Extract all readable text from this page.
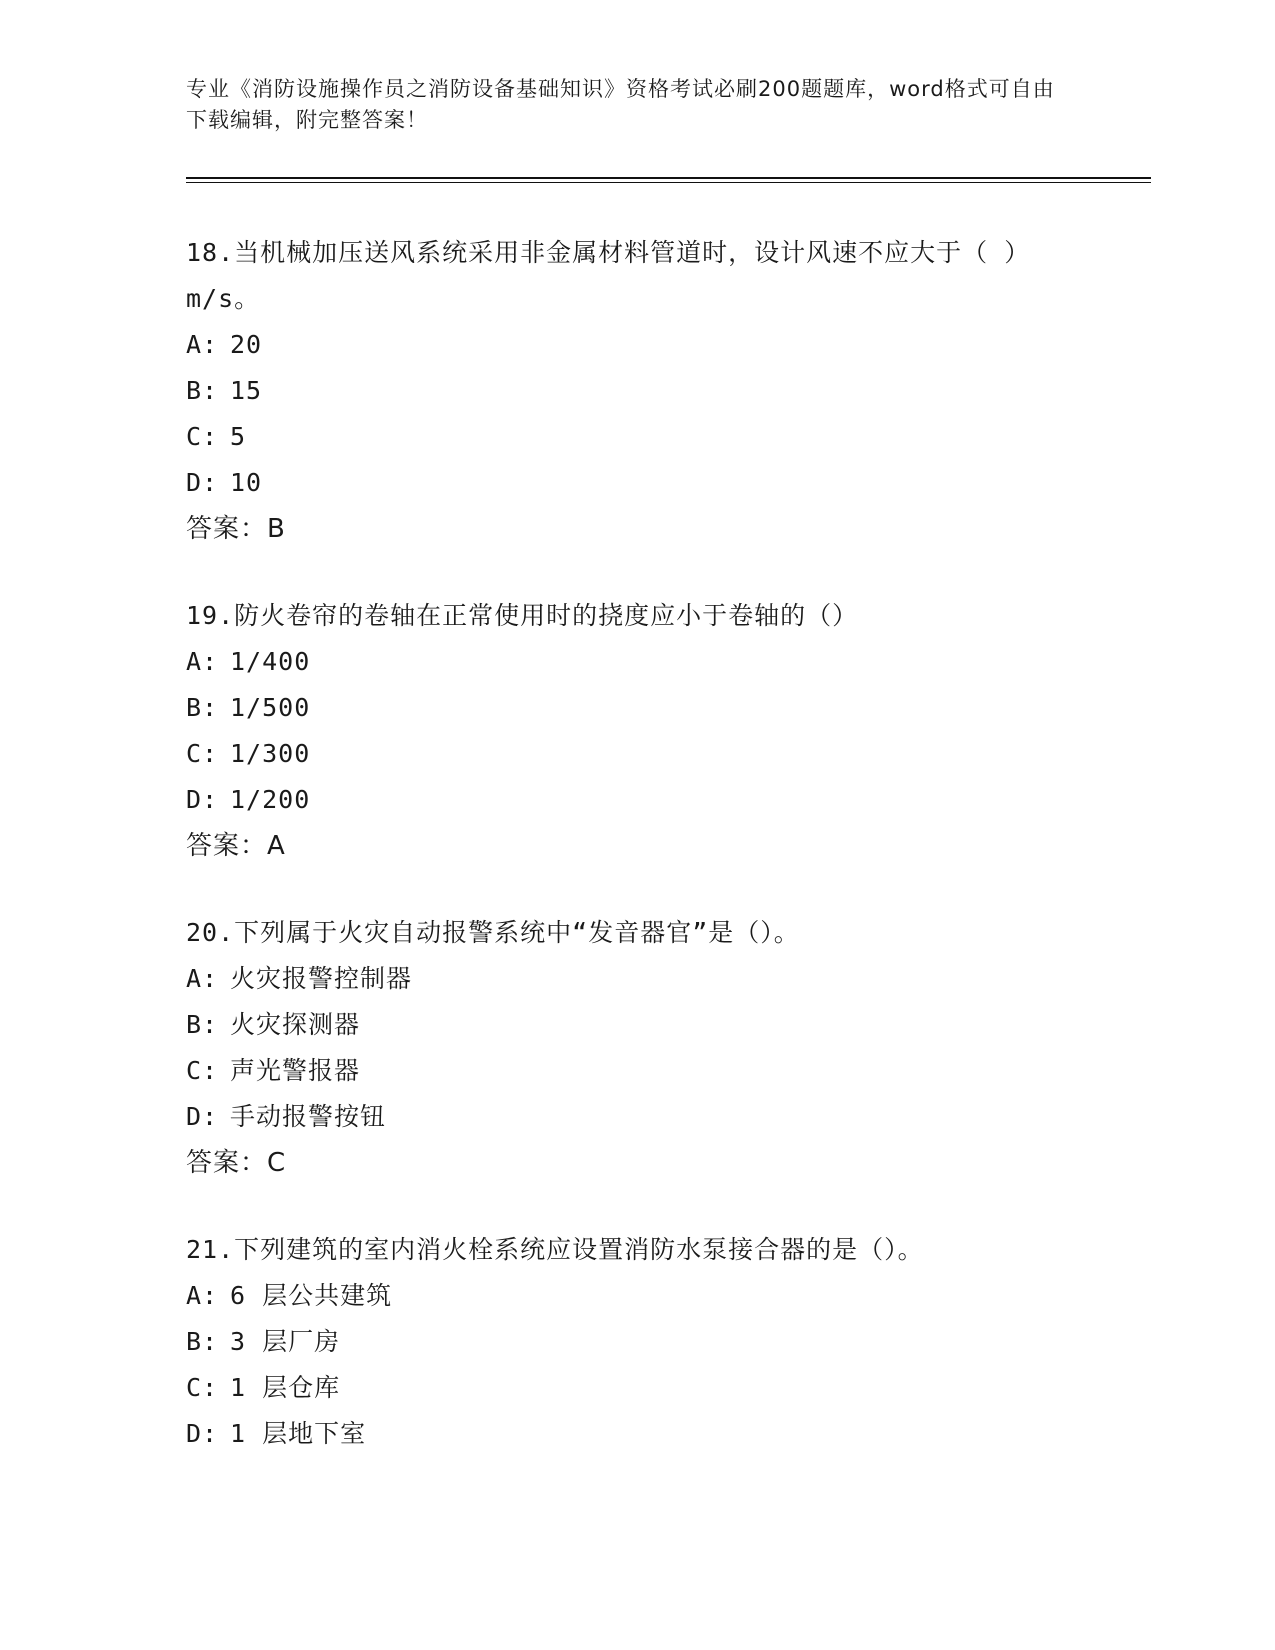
专业《消防设施操作员之消防设备基础知识》资格考试必刷200题题库，word格式可自由下载编辑，附完整答案！
18.当机械加压送风系统采用非金属材料管道时，设计风速不应大于（ ）m/s。
A: 20
B: 15
C: 5
D: 10
答案：B
19.防火卷帘的卷轴在正常使用时的挠度应小于卷轴的（）
A: 1/400
B: 1/500
C: 1/300
D: 1/200
答案：A
20.下列属于火灾自动报警系统中“发音器官”是（）。
A: 火灾报警控制器
B: 火灾探测器
C: 声光警报器
D: 手动报警按钮
答案：C
21.下列建筑的室内消火栓系统应设置消防水泵接合器的是（）。
A: 6 层公共建筑
B: 3 层厂房
C: 1 层仓库
D: 1 层地下室
